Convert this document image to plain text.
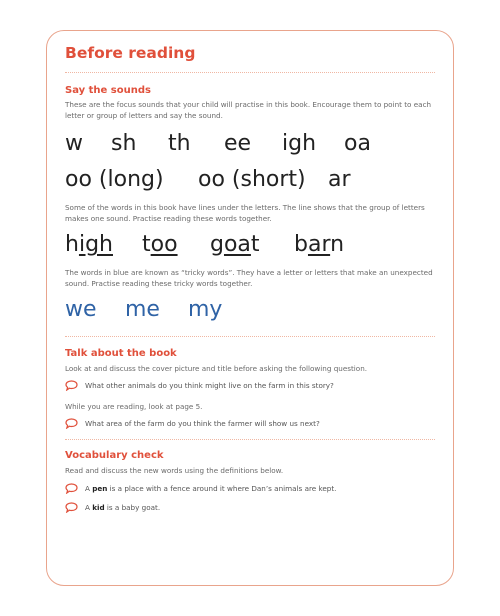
Before reading
Say the sounds

These are the focus sounds that your child will practise in this book. Encourage them to point to each letter or group of letters and say the sound.

w	sh	th	ee	igh	oa
oo (long)	oo (short)	ar

Some of the words in this book have lines under the letters. The line shows that the group of letters makes one sound. Practise reading these words together.

high	too	goat	barn

The words in blue are known as “tricky words”. They have a letter or letters that make an unexpected sound. Practise reading these tricky words together.

we	me	my
Talk about the book

Look at and discuss the cover picture and title before asking the following question.

What other animals do you think might live on the farm in this story?

While you are reading, look at page 5.

What area of the farm do you think the farmer will show us next?

Vocabulary check

Read and discuss the new words using the definitions below.

A pen is a place with a fence around it where Dan’s animals are kept.

A kid is a baby goat.
